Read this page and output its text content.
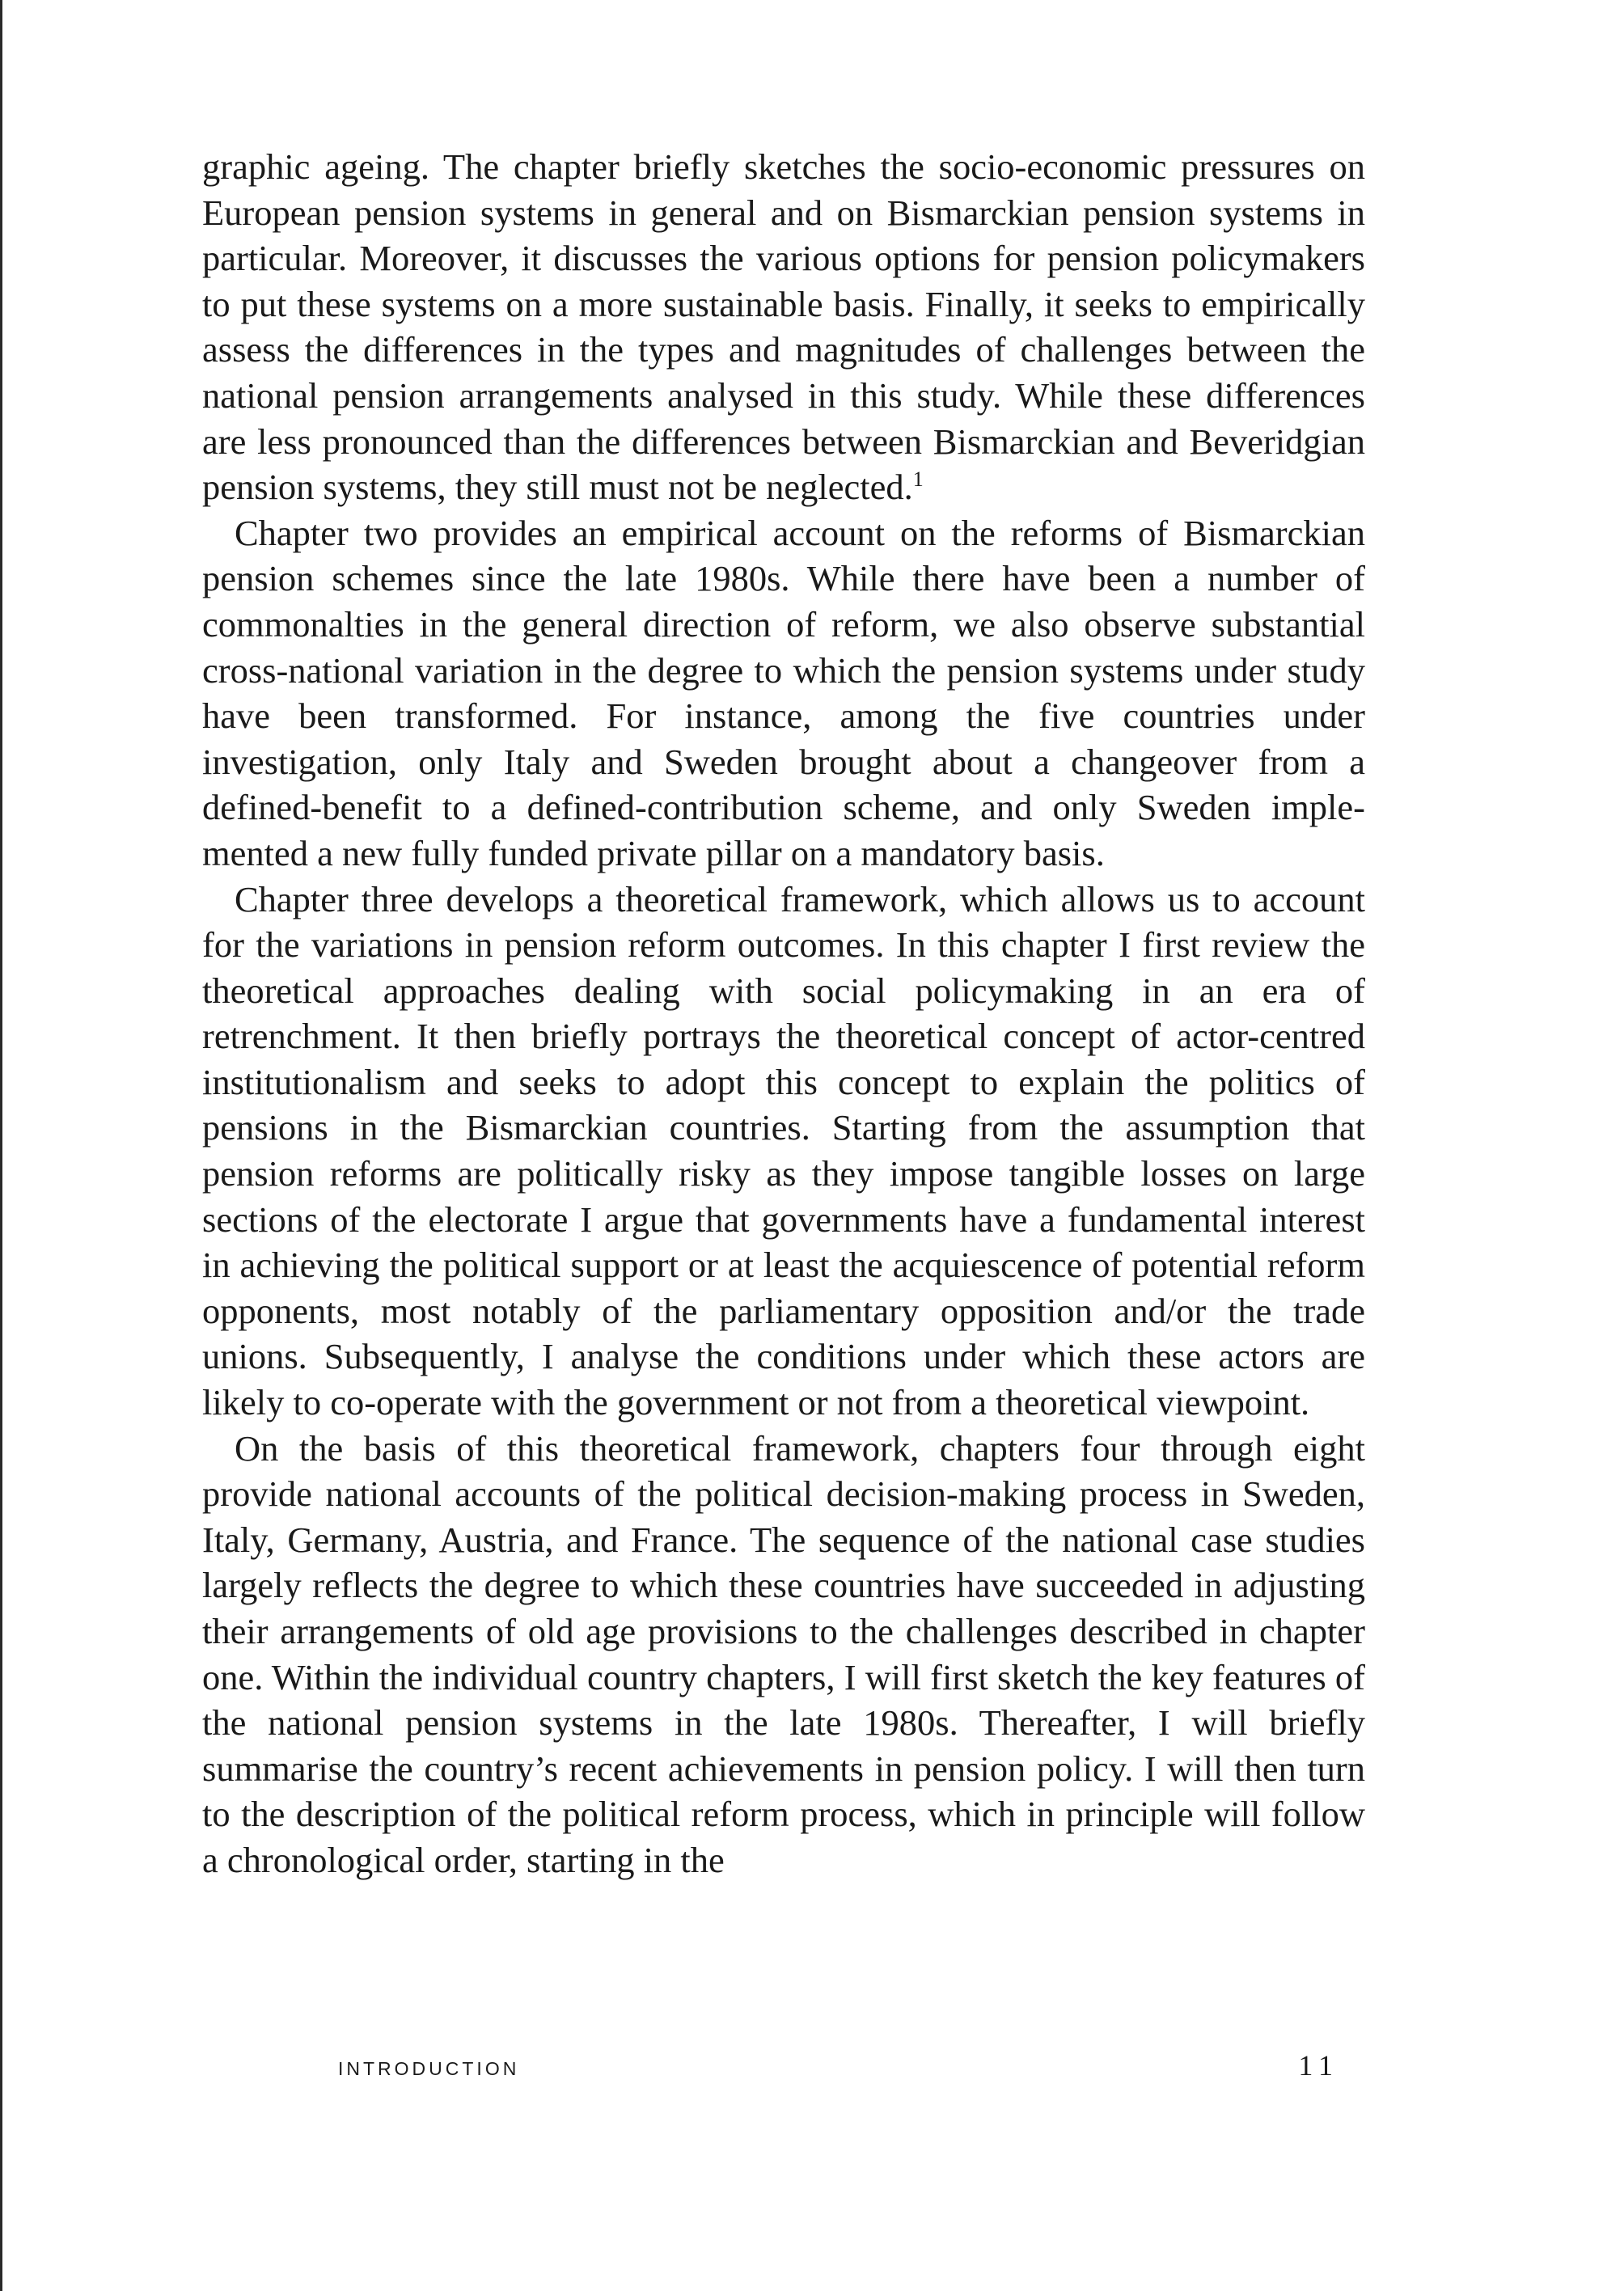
graphic ageing. The chapter briefly sketches the socio-economic pressures on European pension systems in general and on Bismarckian pension systems in particular. Moreover, it discusses the various options for pension policymakers to put these systems on a more sustainable basis. Finally, it seeks to empirically assess the differences in the types and magnitudes of challenges between the national pension arrangements analysed in this study. While these differences are less pronounced than the differences between Bismarckian and Beveridgian pension systems, they still must not be neglected.$^1$

Chapter two provides an empirical account on the reforms of Bismarckian pension schemes since the late 1980s. While there have been a number of commonalties in the general direction of reform, we also observe substantial cross-national variation in the degree to which the pension systems under study have been transformed. For instance, among the five countries under investigation, only Italy and Sweden brought about a changeover from a defined-benefit to a defined-contribution scheme, and only Sweden implemented a new fully funded private pillar on a mandatory basis.

Chapter three develops a theoretical framework, which allows us to account for the variations in pension reform outcomes. In this chapter I first review the theoretical approaches dealing with social policymaking in an era of retrenchment. It then briefly portrays the theoretical concept of actor-centred institutionalism and seeks to adopt this concept to explain the politics of pensions in the Bismarckian countries. Starting from the assumption that pension reforms are politically risky as they impose tangible losses on large sections of the electorate I argue that governments have a fundamental interest in achieving the political support or at least the acquiescence of potential reform opponents, most notably of the parliamentary opposition and/or the trade unions. Subsequently, I analyse the conditions under which these actors are likely to co-operate with the government or not from a theoretical viewpoint.

On the basis of this theoretical framework, chapters four through eight provide national accounts of the political decision-making process in Sweden, Italy, Germany, Austria, and France. The sequence of the national case studies largely reflects the degree to which these countries have succeeded in adjusting their arrangements of old age provisions to the challenges described in chapter one. Within the individual country chapters, I will first sketch the key features of the national pension systems in the late 1980s. Thereafter, I will briefly summarise the country’s recent achievements in pension policy. I will then turn to the description of the political reform process, which in principle will follow a chronological order, starting in the

INTRODUCTION	11
